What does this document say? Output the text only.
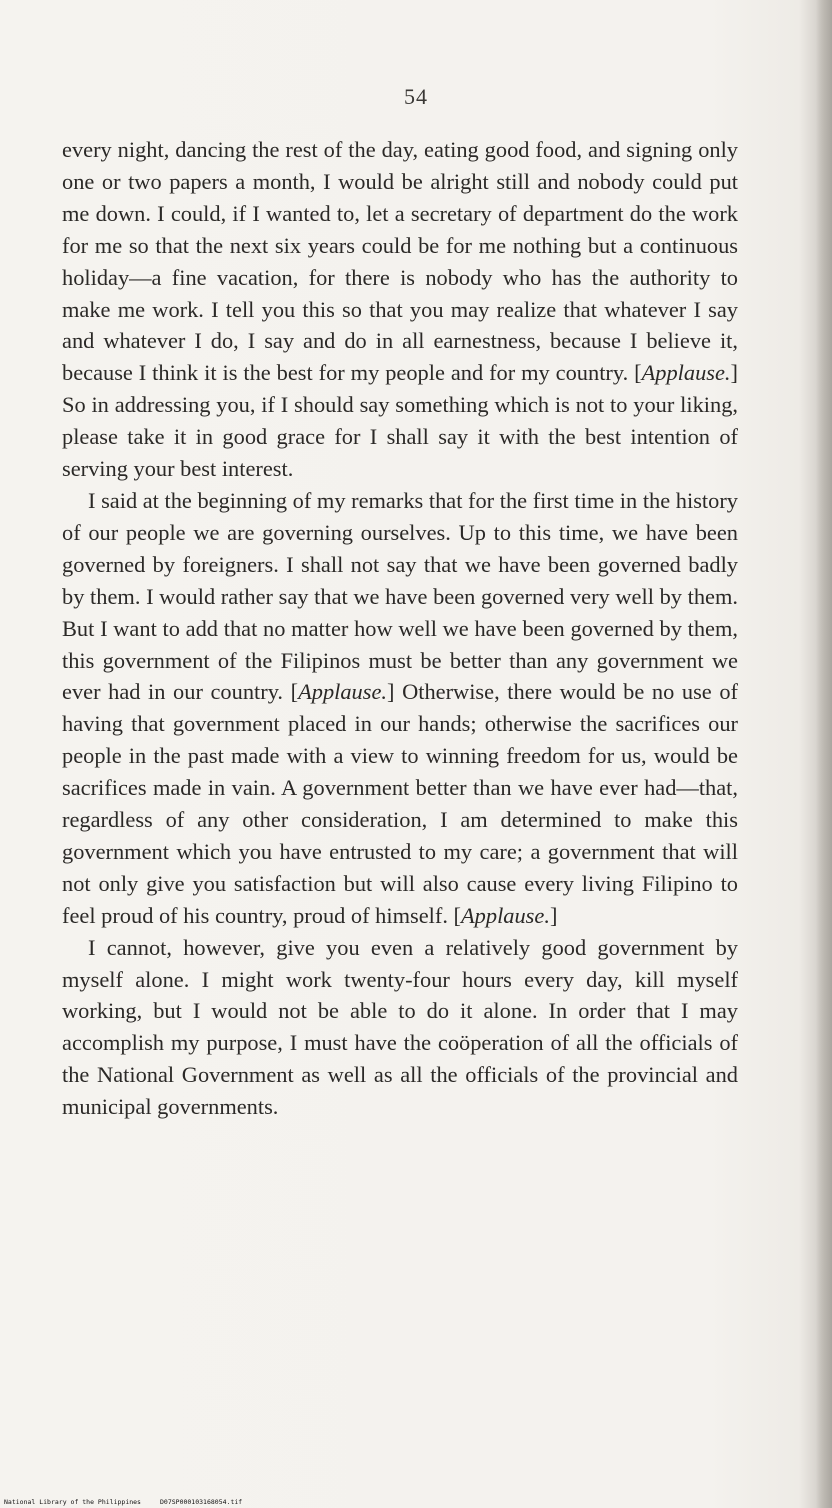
54

every night, dancing the rest of the day, eating good food, and signing only one or two papers a month, I would be alright still and nobody could put me down. I could, if I wanted to, let a secretary of department do the work for me so that the next six years could be for me nothing but a continuous holiday—a fine vacation, for there is nobody who has the authority to make me work. I tell you this so that you may realize that whatever I say and whatever I do, I say and do in all earnestness, because I believe it, because I think it is the best for my people and for my country. [Applause.] So in addressing you, if I should say something which is not to your liking, please take it in good grace for I shall say it with the best intention of serving your best interest.

I said at the beginning of my remarks that for the first time in the history of our people we are governing ourselves. Up to this time, we have been governed by foreigners. I shall not say that we have been governed badly by them. I would rather say that we have been governed very well by them. But I want to add that no matter how well we have been governed by them, this government of the Filipinos must be better than any government we ever had in our country. [Applause.] Otherwise, there would be no use of having that government placed in our hands; otherwise the sacrifices our people in the past made with a view to winning freedom for us, would be sacrifices made in vain. A government better than we have ever had—that, regardless of any other consideration, I am determined to make this government which you have entrusted to my care; a government that will not only give you satisfaction but will also cause every living Filipino to feel proud of his country, proud of himself. [Applause.]

I cannot, however, give you even a relatively good government by myself alone. I might work twenty-four hours every day, kill myself working, but I would not be able to do it alone. In order that I may accomplish my purpose, I must have the coöperation of all the officials of the National Government as well as all the officials of the provincial and municipal governments.

National Library of the Philippines	D07SP000103168054.tif
